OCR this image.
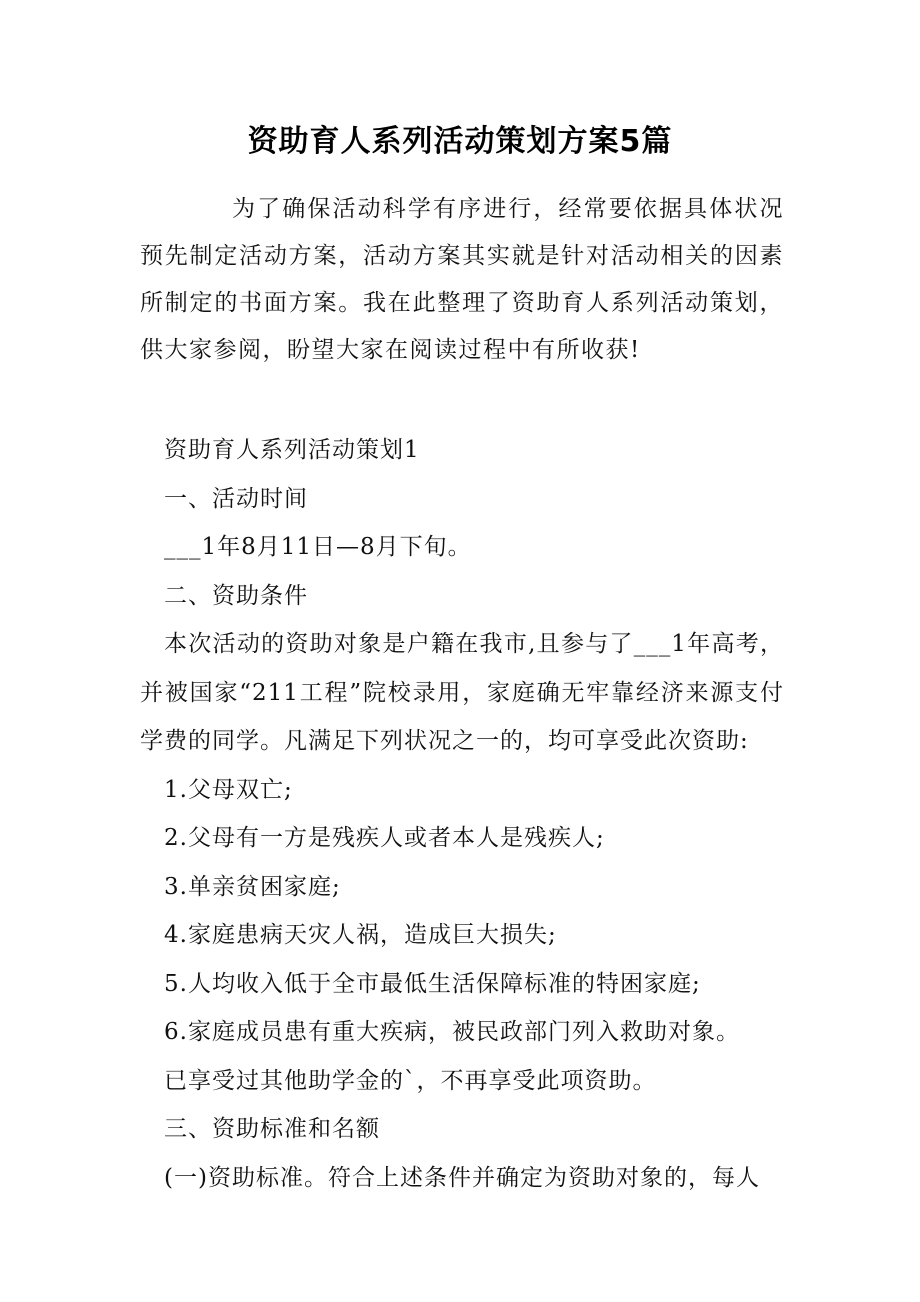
资助育人系列活动策划方案5篇

为了确保活动科学有序进行，经常要依据具体状况预先制定活动方案，活动方案其实就是针对活动相关的因素所制定的书面方案。我在此整理了资助育人系列活动策划，供大家参阅，盼望大家在阅读过程中有所收获!

资助育人系列活动策划1
一、活动时间
___1年8月11日—8月下旬。
二、资助条件
本次活动的资助对象是户籍在我市,且参与了___1年高考，并被国家“211工程”院校录用，家庭确无牢靠经济来源支付学费的同学。凡满足下列状况之一的，均可享受此次资助:
1.父母双亡;
2.父母有一方是残疾人或者本人是残疾人;
3.单亲贫困家庭;
4.家庭患病天灾人祸，造成巨大损失;
5.人均收入低于全市最低生活保障标准的特困家庭;
6.家庭成员患有重大疾病，被民政部门列入救助对象。
已享受过其他助学金的`，不再享受此项资助。
三、资助标准和名额
(一)资助标准。符合上述条件并确定为资助对象的，每人
